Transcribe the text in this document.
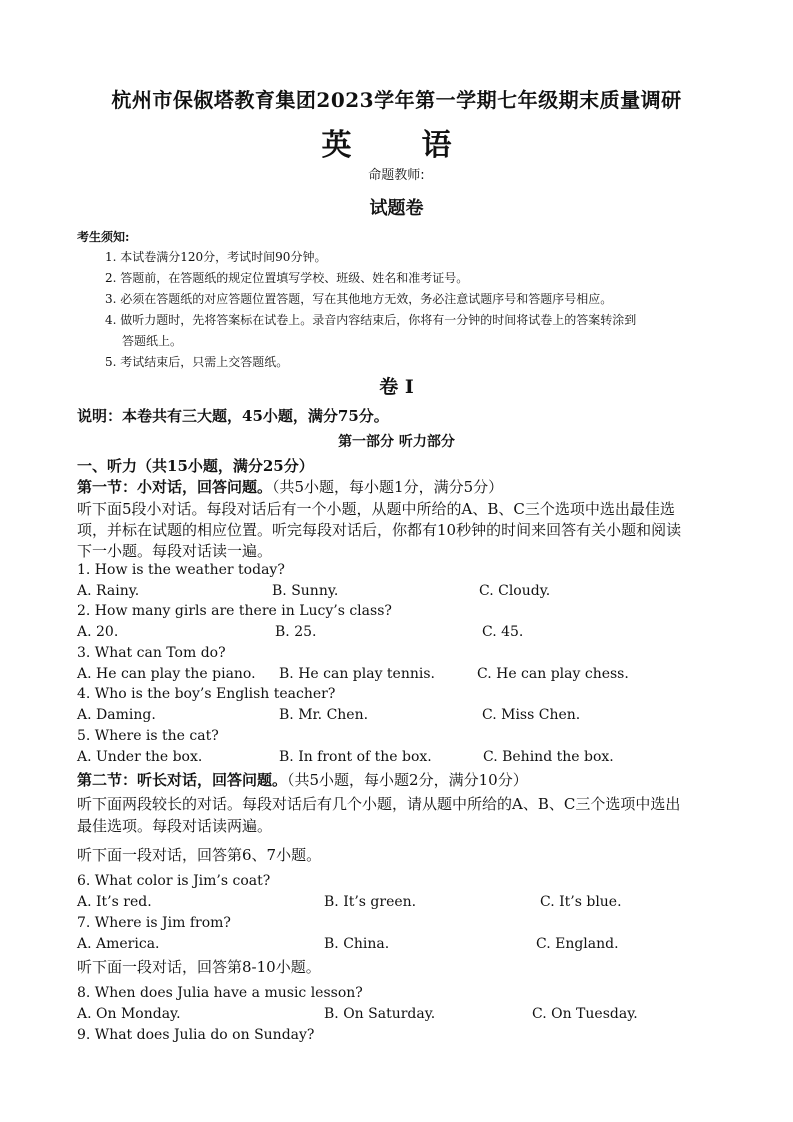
杭州市保俶塔教育集团2023学年第一学期七年级期末质量调研
英　语
命题教师:
试题卷
考生须知:
1. 本试卷满分120分，考试时间90分钟。
2. 答题前，在答题纸的规定位置填写学校、班级、姓名和准考证号。
3. 必须在答题纸的对应答题位置答题，写在其他地方无效，务必注意试题序号和答题序号相应。
4. 做听力题时，先将答案标在试卷上。录音内容结束后，你将有一分钟的时间将试卷上的答案转涂到
答题纸上。
5. 考试结束后，只需上交答题纸。
卷 I
说明：本卷共有三大题，45小题，满分75分。
第一部分 听力部分
一、听力（共15小题，满分25分）
第一节：小对话，回答问题。（共5小题，每小题1分，满分5分）
听下面5段小对话。每段对话后有一个小题，从题中所给的A、B、C三个选项中选出最佳选
项，并标在试题的相应位置。听完每段对话后，你都有10秒钟的时间来回答有关小题和阅读
下一小题。每段对话读一遍。
1. How is the weather today?
A. Rainy.	B. Sunny.	C. Cloudy.
2. How many girls are there in Lucy’s class?
A. 20.	B. 25.	C. 45.
3. What can Tom do?
A. He can play the piano. B. He can play tennis.	C. He can play chess.
4. Who is the boy’s English teacher?
A. Daming.	B. Mr. Chen.	C. Miss Chen.
5. Where is the cat?
A. Under the box.	B. In front of the box.	C. Behind the box.
第二节：听长对话，回答问题。（共5小题，每小题2分，满分10分）
听下面两段较长的对话。每段对话后有几个小题，请从题中所给的A、B、C三个选项中选出
最佳选项。每段对话读两遍。
听下面一段对话，回答第6、7小题。
6. What color is Jim’s coat?
A. It’s red.	B. It’s green.	C. It’s blue.
7. Where is Jim from?
A. America.	B. China.	C. England.
听下面一段对话，回答第8-10小题。
8. When does Julia have a music lesson?
A. On Monday.	B. On Saturday.	C. On Tuesday.
9. What does Julia do on Sunday?
